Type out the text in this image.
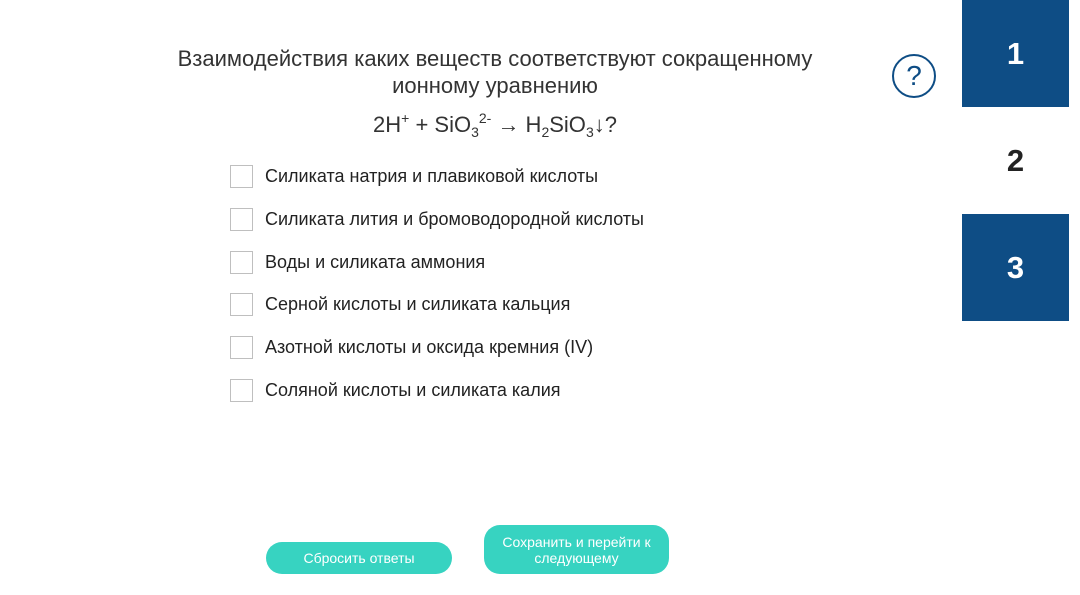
Взаимодействия каких веществ соответствуют сокращенному ионному уравнению
$2H^+ + SiO_3^{2-} \to H_2SiO_3↓$?
?
Силиката натрия и плавиковой кислоты
Силиката лития и бромоводородной кислоты
Воды и силиката аммония
Серной кислоты и силиката кальция
Азотной кислоты и оксида кремния (IV)
Соляной кислоты и силиката калия
1
2
3
Сбросить ответы
Сохранить и перейти к следующему
